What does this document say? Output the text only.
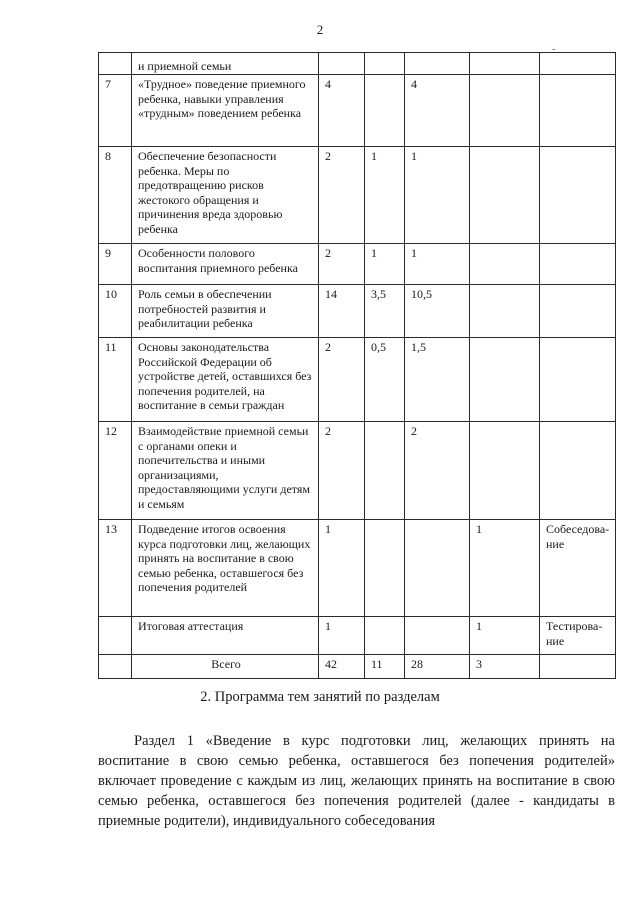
2
-
	и приемной семьи					
7	«Трудное» поведение приемного ребенка, навыки управления «трудным» поведением ребенка	4		4		
8	Обеспечение безопасности ребенка. Меры по предотвращению рисков жестокого обращения и причинения вреда здоровью ребенка	2	1	1		
9	Особенности полового воспитания приемного ребенка	2	1	1		
10	Роль семьи в обеспечении потребностей развития и реабилитации ребенка	14	3,5	10,5		
11	Основы законодательства Российской Федерации об устройстве детей, оставшихся без попечения родителей, на воспитание в семьи граждан	2	0,5	1,5		
12	Взаимодействие приемной семьи с органами опеки и попечительства и иными организациями, предоставляющими услуги детям и семьям	2		2		
13	Подведение итогов освоения курса подготовки лиц, желающих принять на воспитание в свою семью ребенка, оставшегося без попечения родителей	1			1	Собеседова-ние
	Итоговая аттестация	1			1	Тестирова-ние
	Всего	42	11	28	3	
2. Программа тем занятий по разделам

Раздел 1 «Введение в курс подготовки лиц, желающих принять на воспитание в свою семью ребенка, оставшегося без попечения родителей» включает проведение с каждым из лиц, желающих принять на воспитание в свою семью ребенка, оставшегося без попечения родителей (далее - кандидаты в приемные родители), индивидуального собеседования
